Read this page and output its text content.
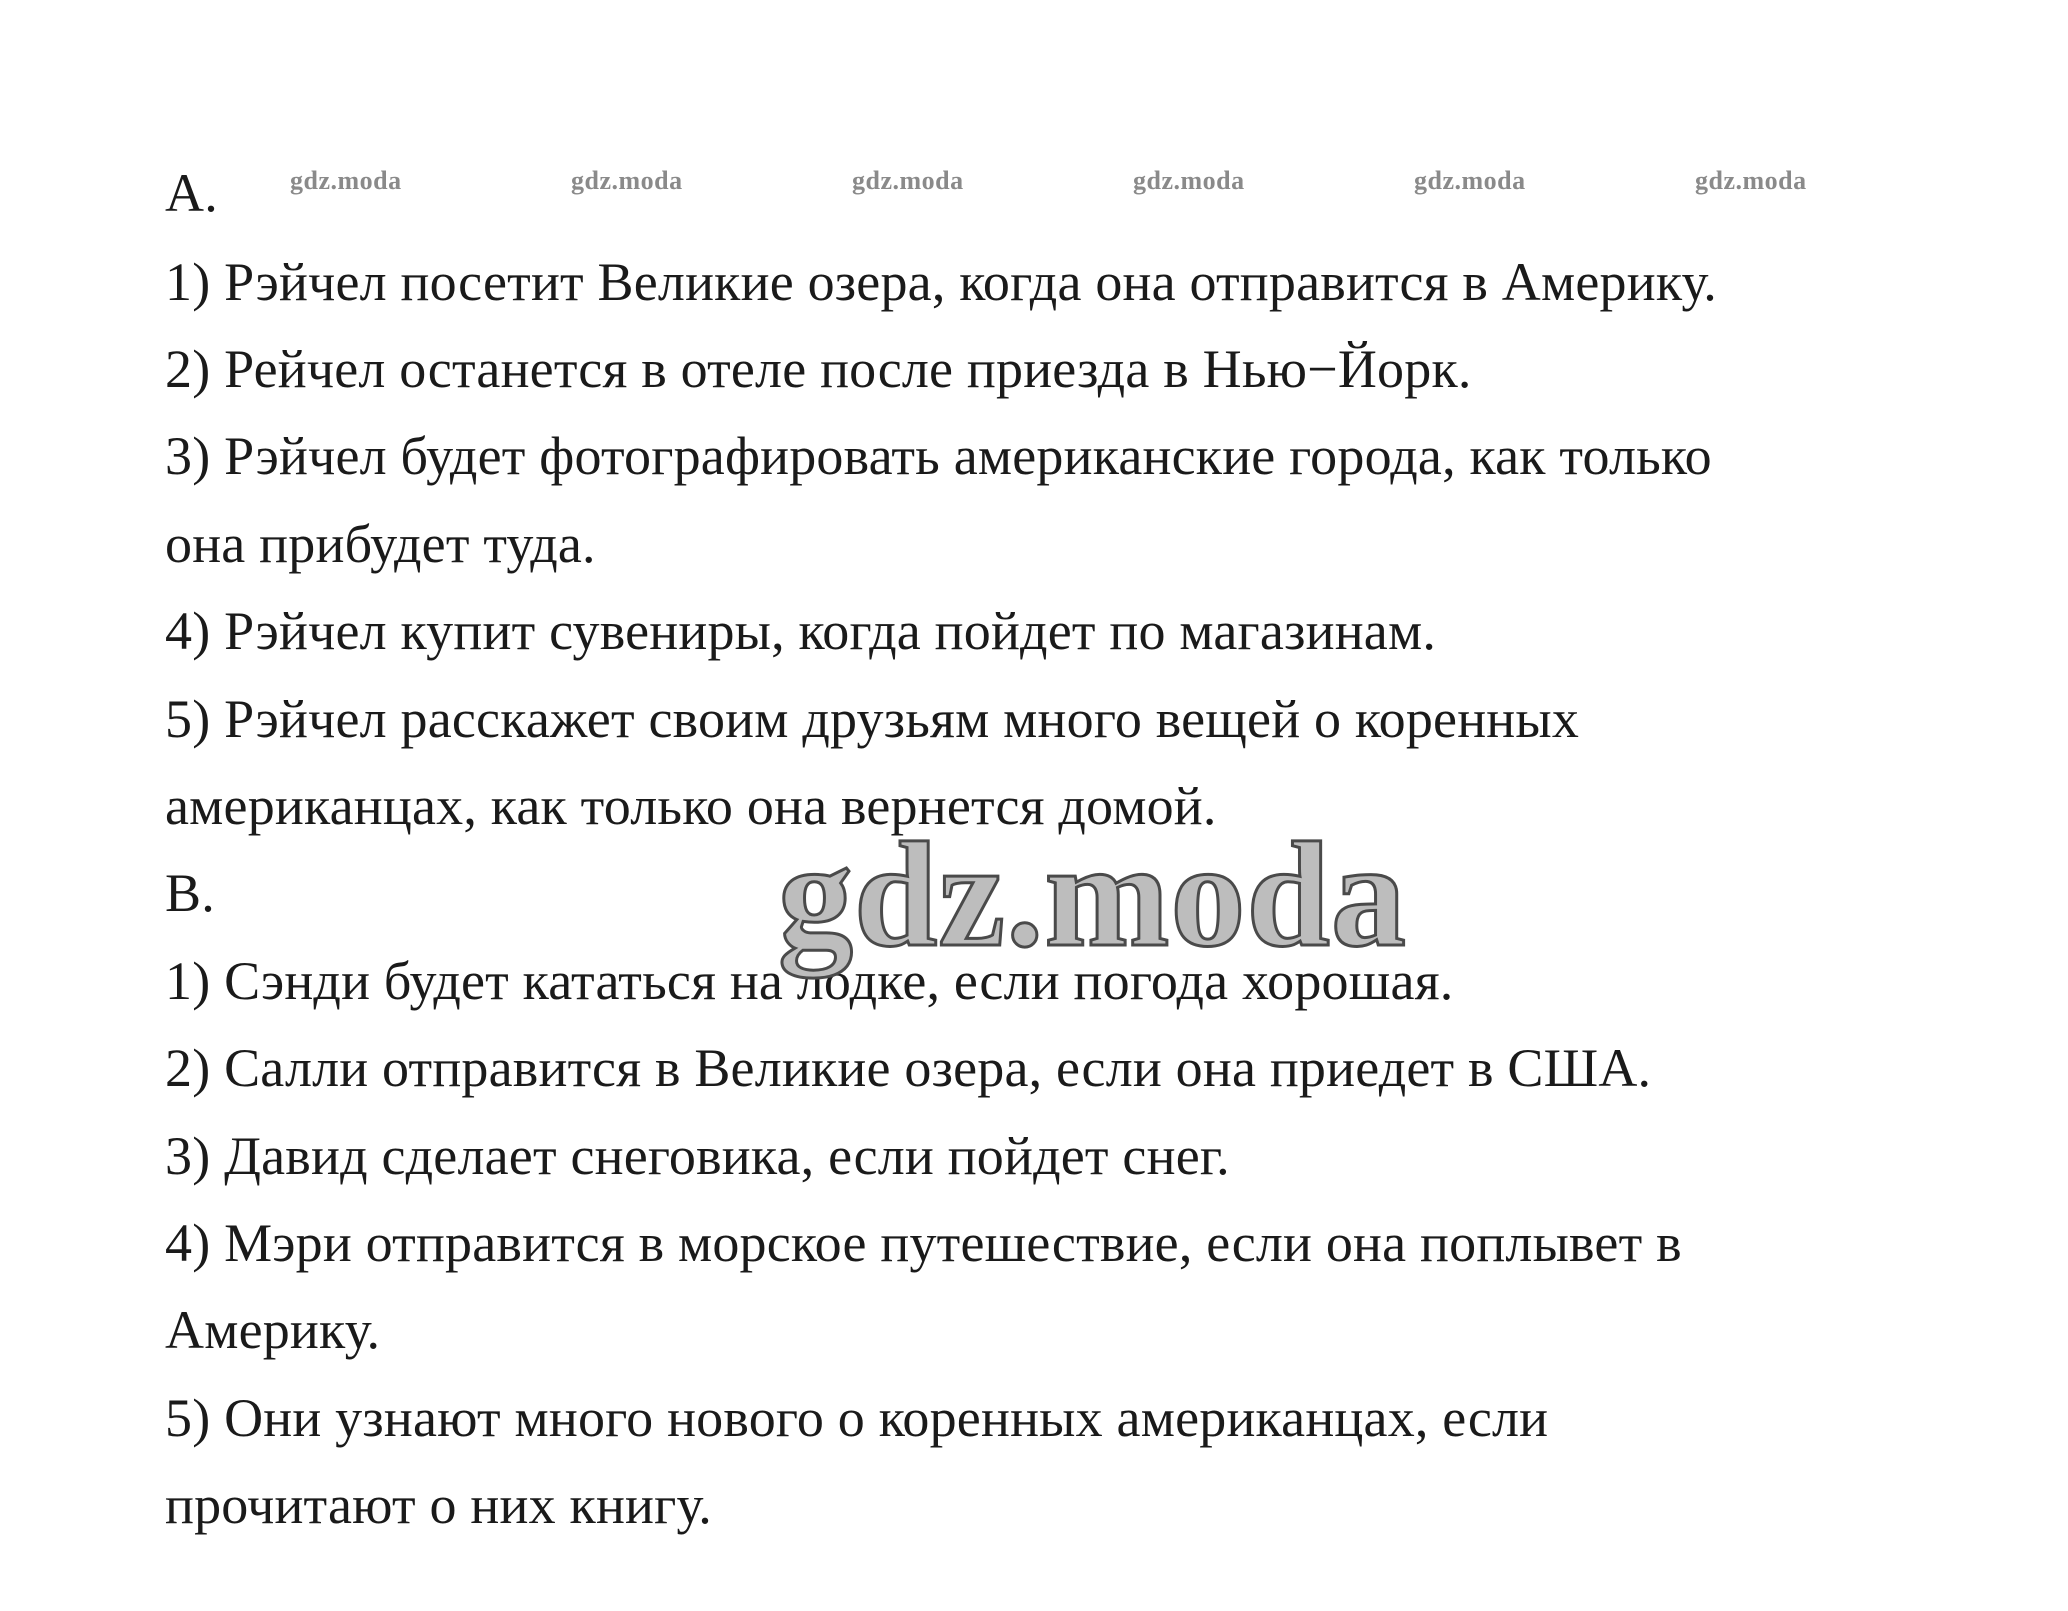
gdz.moda	gdz.moda	gdz.moda	gdz.moda	gdz.moda	gdz.moda
A.
1) Рэйчел посетит Великие озера, когда она отправится в Америку.
2) Рейчел останется в отеле после приезда в Нью−Йорк.
3) Рэйчел будет фотографировать американские города, как только
она прибудет туда.
4) Рэйчел купит сувениры, когда пойдет по магазинам.
5) Рэйчел расскажет своим друзьям много вещей о коренных
американцах, как только она вернется домой.
B.
1) Сэнди будет кататься на лодке, если погода хорошая.
2) Салли отправится в Великие озера, если она приедет в США.
3) Давид сделает снеговика, если пойдет снег.
4) Мэри отправится в морское путешествие, если она поплывет в
Америку.
5) Они узнают много нового о коренных американцах, если
прочитают о них книгу.
gdz.moda
